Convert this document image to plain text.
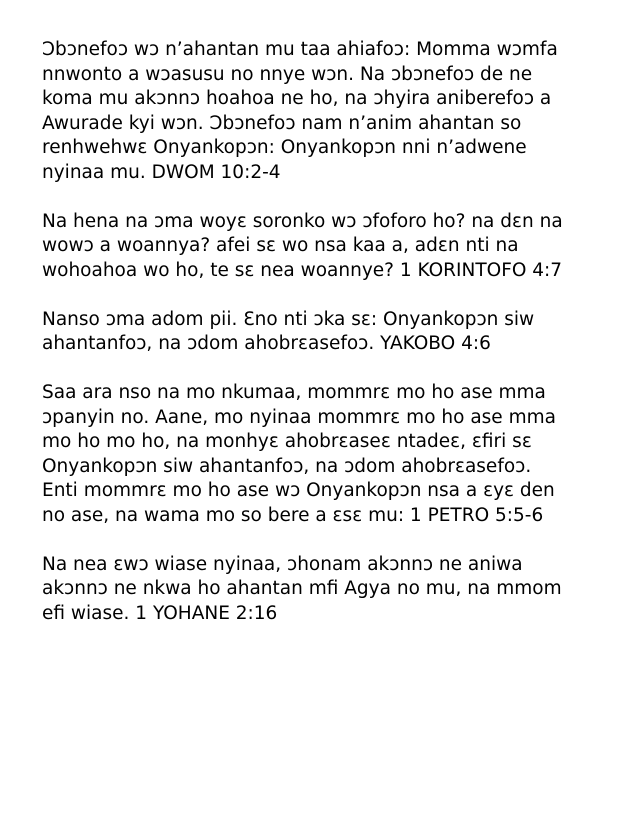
Ɔbɔnefoɔ wɔ n’ahantan mu taa ahiafoɔ: Momma wɔmfa
nnwonto a wɔasusu no nnye wɔn. Na ɔbɔnefoɔ de ne
koma mu akɔnnɔ hoahoa ne ho, na ɔhyira aniberefoɔ a
Awurade kyi wɔn. Ɔbɔnefoɔ nam n’anim ahantan so
renhwehwɛ Onyankopɔn: Onyankopɔn nni n’adwene
nyinaa mu. DWOM 10:2-4

Na hena na ɔma woyɛ soronko wɔ ɔfoforo ho? na dɛn na
wowɔ a woannya? afei sɛ wo nsa kaa a, adɛn nti na
wohoahoa wo ho, te sɛ nea woannye? 1 KORINTOFO 4:7

Nanso ɔma adom pii. Ɛno nti ɔka sɛ: Onyankopɔn siw
ahantanfoɔ, na ɔdom ahobrɛasefoɔ. YAKOBO 4:6

Saa ara nso na mo nkumaa, mommrɛ mo ho ase mma
ɔpanyin no. Aane, mo nyinaa mommrɛ mo ho ase mma
mo ho mo ho, na monhyɛ ahobrɛaseɛ ntadeɛ, ɛfiri sɛ
Onyankopɔn siw ahantanfoɔ, na ɔdom ahobrɛasefoɔ.
Enti mommrɛ mo ho ase wɔ Onyankopɔn nsa a ɛyɛ den
no ase, na wama mo so bere a ɛsɛ mu: 1 PETRO 5:5-6

Na nea ɛwɔ wiase nyinaa, ɔhonam akɔnnɔ ne aniwa
akɔnnɔ ne nkwa ho ahantan mfi Agya no mu, na mmom
efi wiase. 1 YOHANE 2:16
